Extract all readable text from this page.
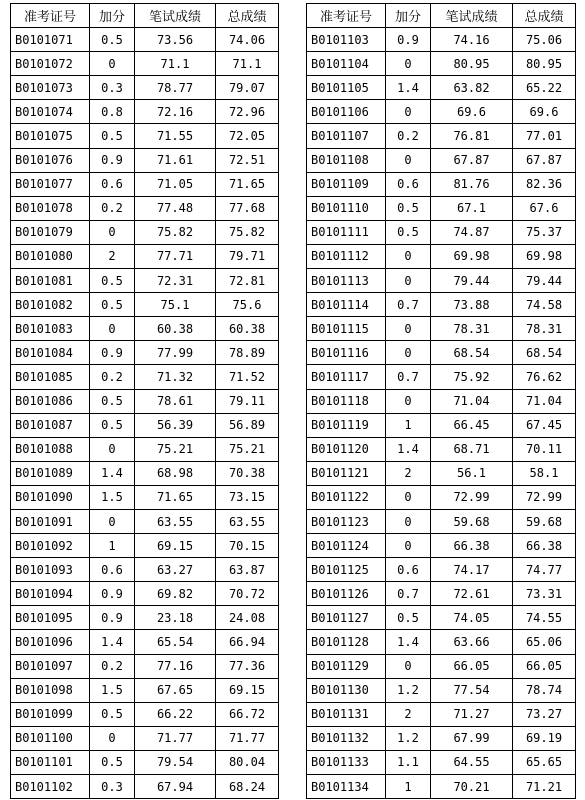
准考证号	加分	笔试成绩	总成绩
B0101071	0.5	73.56	74.06
B0101072	0	71.1	71.1
B0101073	0.3	78.77	79.07
B0101074	0.8	72.16	72.96
B0101075	0.5	71.55	72.05
B0101076	0.9	71.61	72.51
B0101077	0.6	71.05	71.65
B0101078	0.2	77.48	77.68
B0101079	0	75.82	75.82
B0101080	2	77.71	79.71
B0101081	0.5	72.31	72.81
B0101082	0.5	75.1	75.6
B0101083	0	60.38	60.38
B0101084	0.9	77.99	78.89
B0101085	0.2	71.32	71.52
B0101086	0.5	78.61	79.11
B0101087	0.5	56.39	56.89
B0101088	0	75.21	75.21
B0101089	1.4	68.98	70.38
B0101090	1.5	71.65	73.15
B0101091	0	63.55	63.55
B0101092	1	69.15	70.15
B0101093	0.6	63.27	63.87
B0101094	0.9	69.82	70.72
B0101095	0.9	23.18	24.08
B0101096	1.4	65.54	66.94
B0101097	0.2	77.16	77.36
B0101098	1.5	67.65	69.15
B0101099	0.5	66.22	66.72
B0101100	0	71.77	71.77
B0101101	0.5	79.54	80.04
B0101102	0.3	67.94	68.24
准考证号	加分	笔试成绩	总成绩
B0101103	0.9	74.16	75.06
B0101104	0	80.95	80.95
B0101105	1.4	63.82	65.22
B0101106	0	69.6	69.6
B0101107	0.2	76.81	77.01
B0101108	0	67.87	67.87
B0101109	0.6	81.76	82.36
B0101110	0.5	67.1	67.6
B0101111	0.5	74.87	75.37
B0101112	0	69.98	69.98
B0101113	0	79.44	79.44
B0101114	0.7	73.88	74.58
B0101115	0	78.31	78.31
B0101116	0	68.54	68.54
B0101117	0.7	75.92	76.62
B0101118	0	71.04	71.04
B0101119	1	66.45	67.45
B0101120	1.4	68.71	70.11
B0101121	2	56.1	58.1
B0101122	0	72.99	72.99
B0101123	0	59.68	59.68
B0101124	0	66.38	66.38
B0101125	0.6	74.17	74.77
B0101126	0.7	72.61	73.31
B0101127	0.5	74.05	74.55
B0101128	1.4	63.66	65.06
B0101129	0	66.05	66.05
B0101130	1.2	77.54	78.74
B0101131	2	71.27	73.27
B0101132	1.2	67.99	69.19
B0101133	1.1	64.55	65.65
B0101134	1	70.21	71.21
